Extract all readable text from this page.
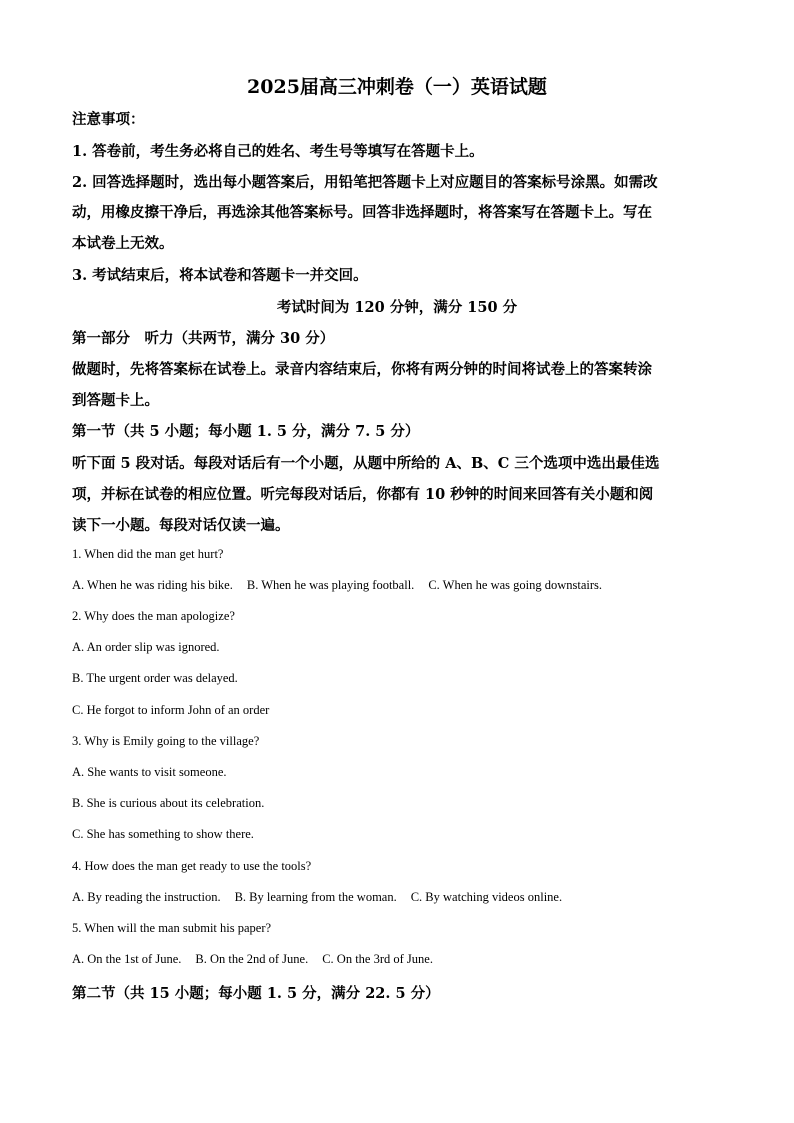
2025届高三冲刺卷（一）英语试题
注意事项：
1. 答卷前，考生务必将自己的姓名、考生号等填写在答题卡上。
2. 回答选择题时，选出每小题答案后，用铅笔把答题卡上对应题目的答案标号涂黑。如需改
动，用橡皮擦干净后，再选涂其他答案标号。回答非选择题时，将答案写在答题卡上。写在
本试卷上无效。
3. 考试结束后，将本试卷和答题卡一并交回。
考试时间为 120 分钟，满分 150 分
第一部分　听力（共两节，满分 30 分）
做题时，先将答案标在试卷上。录音内容结束后，你将有两分钟的时间将试卷上的答案转涂
到答题卡上。
第一节（共 5 小题；每小题 1. 5 分，满分 7. 5 分）
听下面 5 段对话。每段对话后有一个小题，从题中所给的 A、B、C 三个选项中选出最佳选
项，并标在试卷的相应位置。听完每段对话后，你都有 10 秒钟的时间来回答有关小题和阅
读下一小题。每段对话仅读一遍。
1. When did the man get hurt?
A. When he was riding his bike. B. When he was playing football. C. When he was going downstairs.
2. Why does the man apologize?
A. An order slip was ignored.
B. The urgent order was delayed.
C. He forgot to inform John of an order
3. Why is Emily going to the village?
A. She wants to visit someone.
B. She is curious about its celebration.
C. She has something to show there.
4. How does the man get ready to use the tools?
A. By reading the instruction. B. By learning from the woman. C. By watching videos online.
5. When will the man submit his paper?
A. On the 1st of June. B. On the 2nd of June. C. On the 3rd of June.
第二节（共 15 小题；每小题 1. 5 分，满分 22. 5 分）
